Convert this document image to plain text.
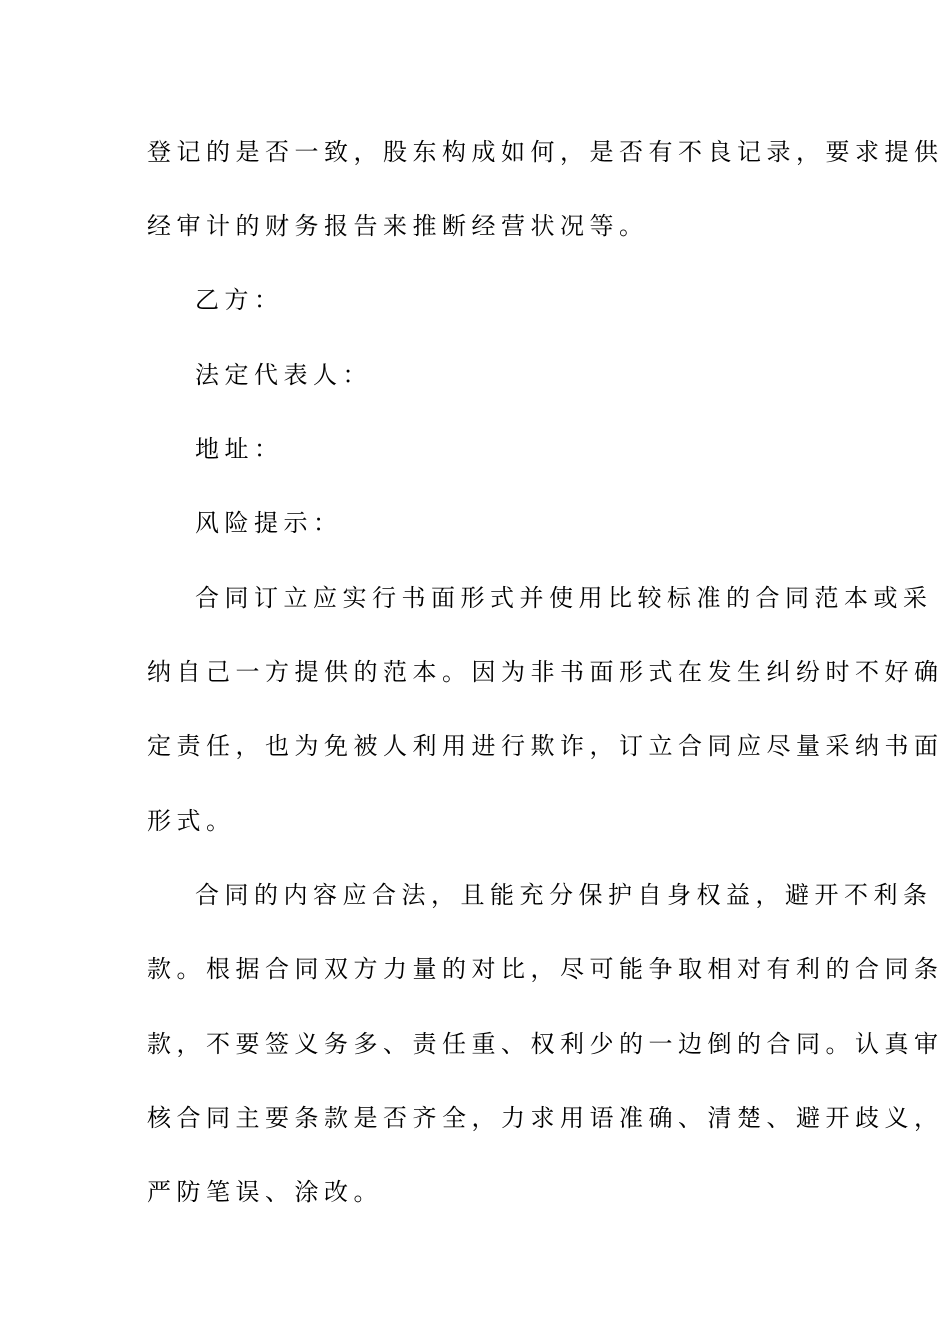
登记的是否一致，股东构成如何，是否有不良记录，要求提供
经审计的财务报告来推断经营状况等。
乙方：
法定代表人：
地址：
风险提示：
合同订立应实行书面形式并使用比较标准的合同范本或采
纳自己一方提供的范本。因为非书面形式在发生纠纷时不好确
定责任，也为免被人利用进行欺诈，订立合同应尽量采纳书面
形式。
合同的内容应合法，且能充分保护自身权益，避开不利条
款。根据合同双方力量的对比，尽可能争取相对有利的合同条
款，不要签义务多、责任重、权利少的一边倒的合同。认真审
核合同主要条款是否齐全，力求用语准确、清楚、避开歧义，
严防笔误、涂改。
